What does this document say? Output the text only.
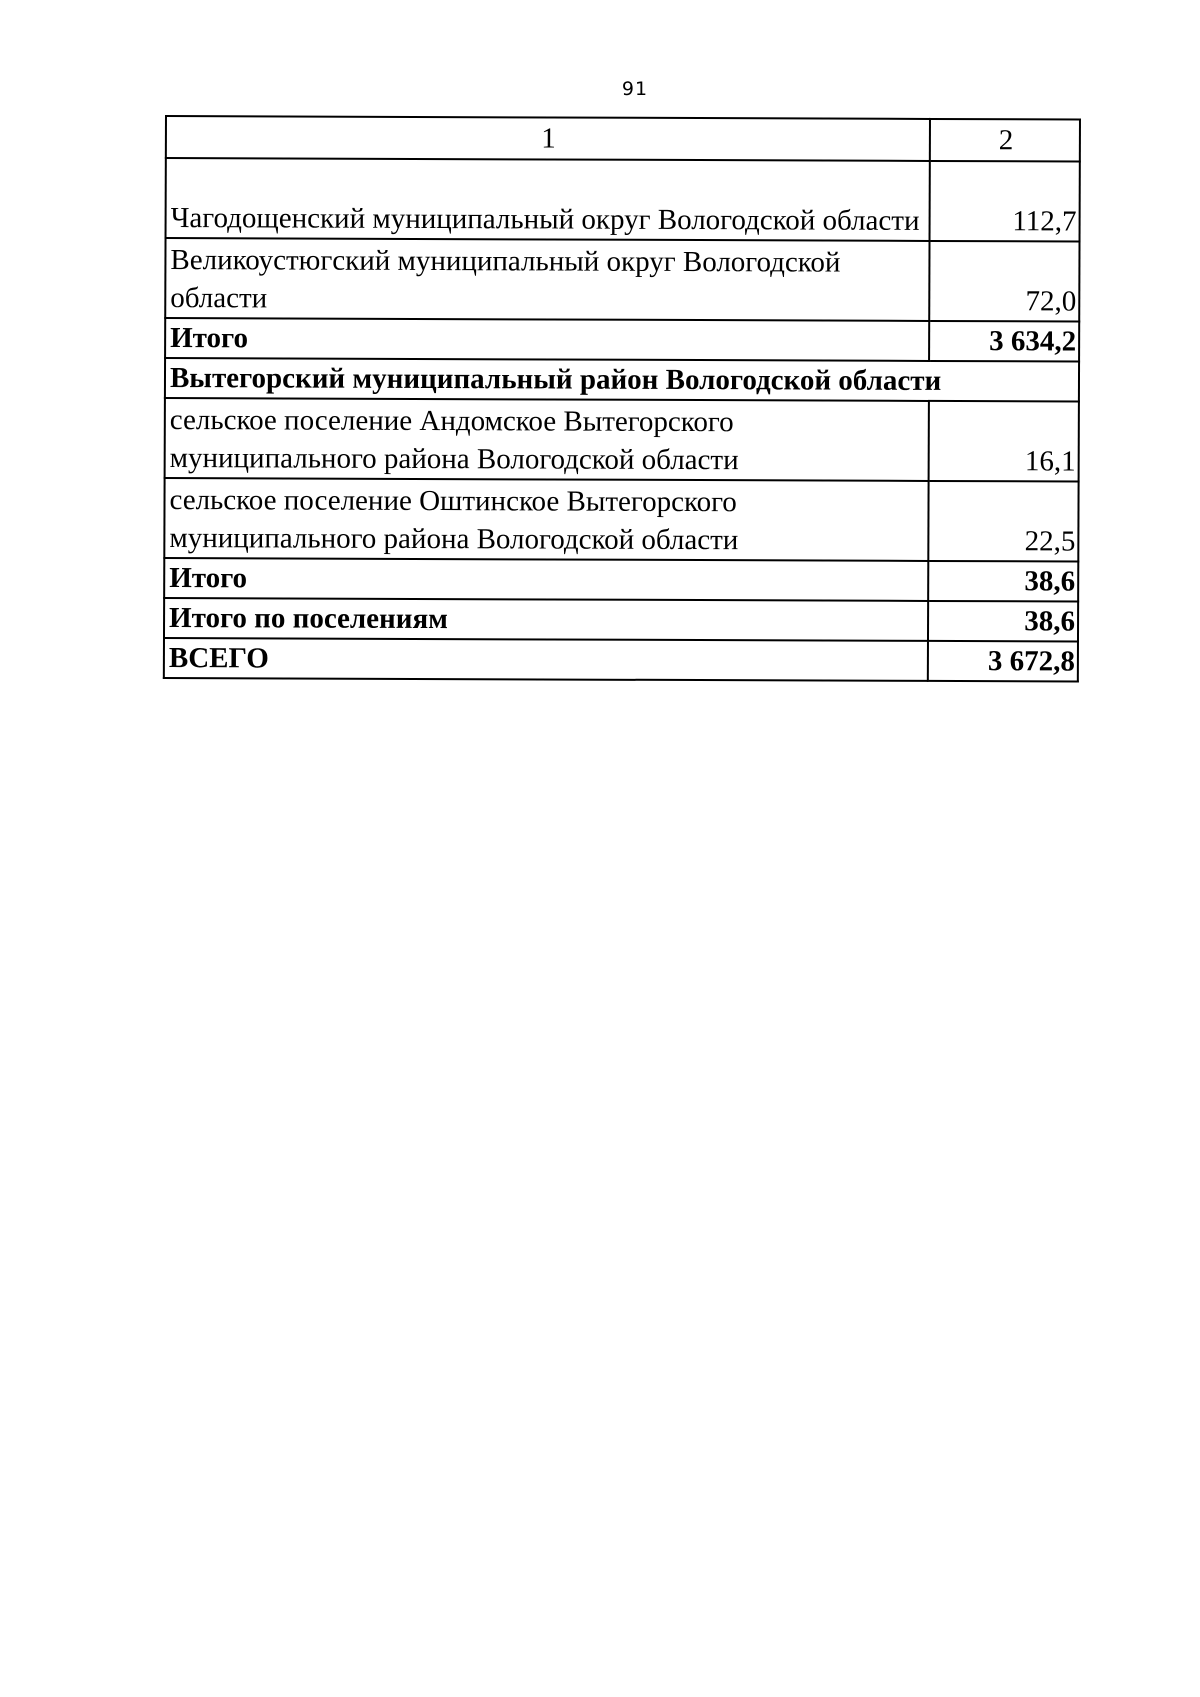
91
1	2
Чагодощенский муниципальный округ Вологодской области	112,7
Великоустюгский муниципальный округ Вологодской области	72,0
Итого	3 634,2
Вытегорский муниципальный район Вологодской области	
сельское поселение Андомское Вытегорского муниципального района Вологодской области	16,1
сельское поселение Оштинское Вытегорского муниципального района Вологодской области	22,5
Итого	38,6
Итого по поселениям	38,6
ВСЕГО	3 672,8
